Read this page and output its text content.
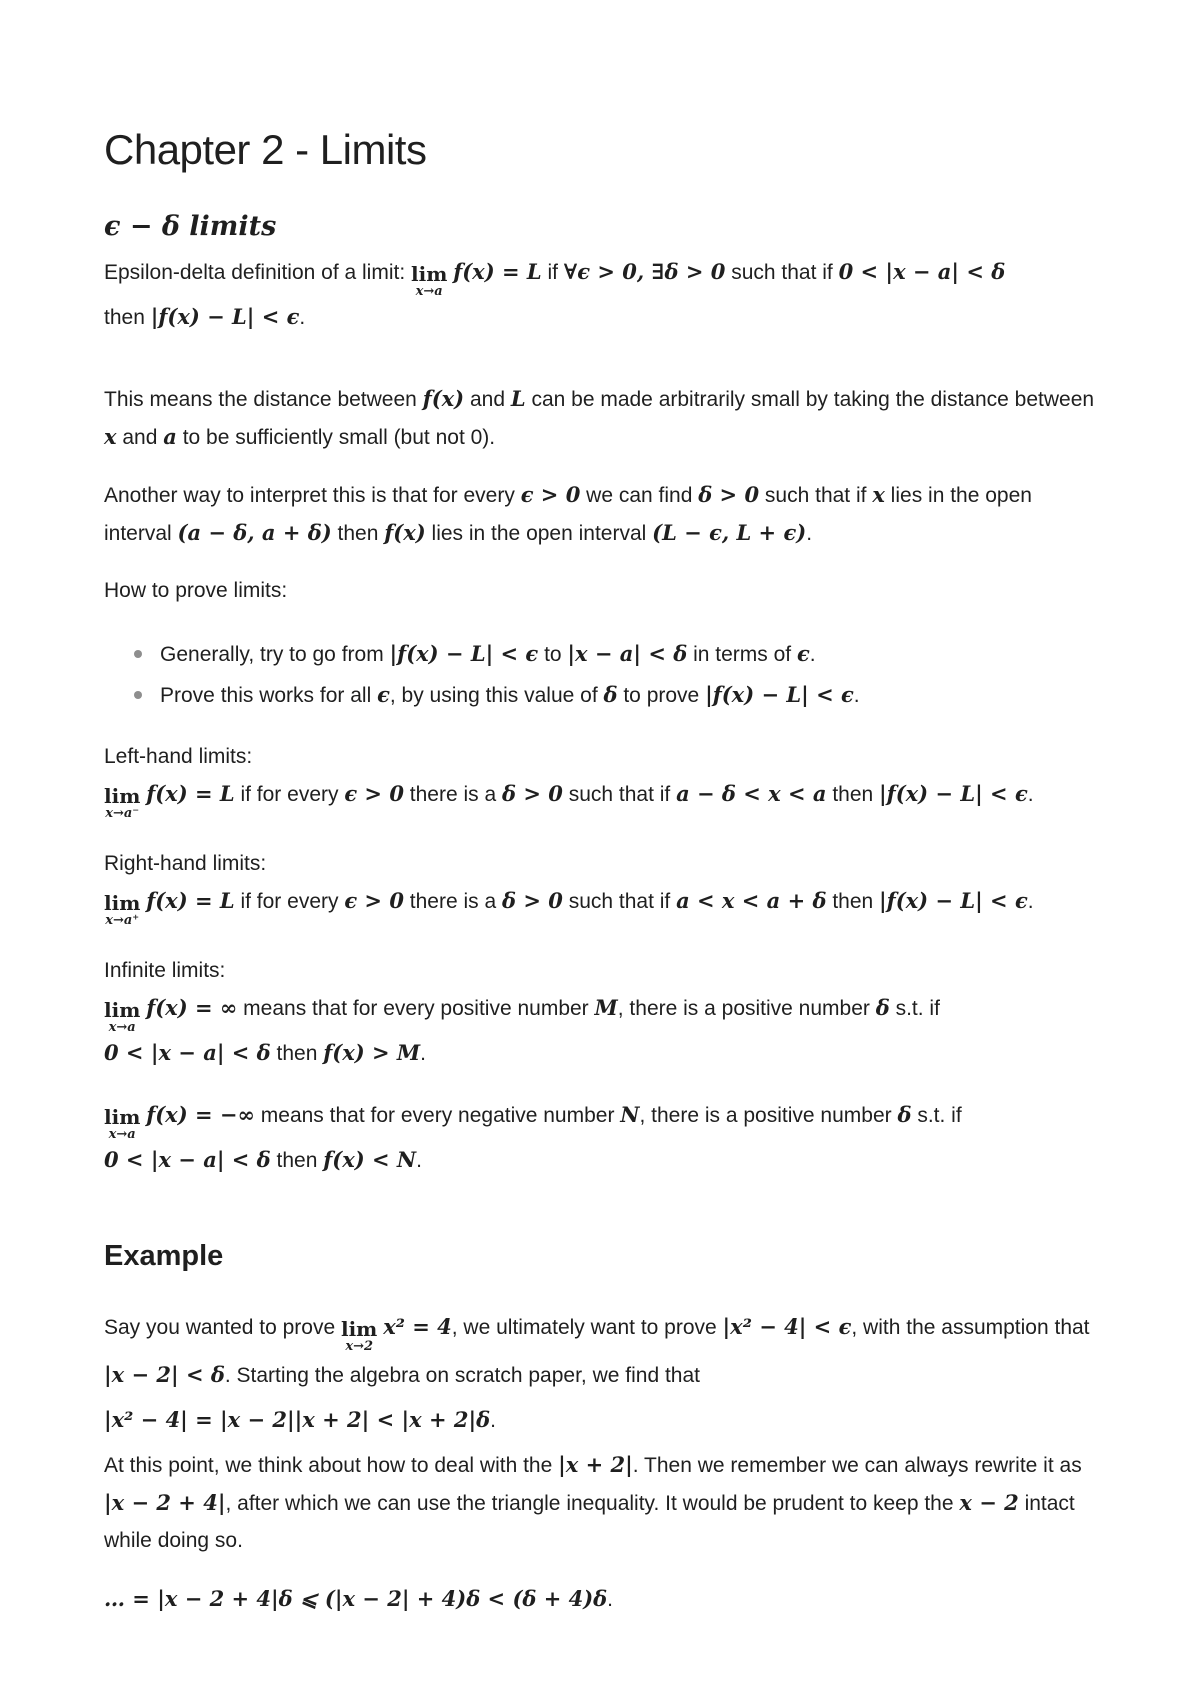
Chapter 2 - Limits
ϵ − δ limits

Epsilon-delta definition of a limit: lim
x→a
f(x) = L if ∀ϵ > 0, ∃δ > 0 such that if 0 < |x − a| < δ
then |f(x) − L| < ϵ.

This means the distance between f(x) and L can be made arbitrarily small by taking the distance between x and a to be sufficiently small (but not 0).

Another way to interpret this is that for every ϵ > 0 we can find δ > 0 such that if x lies in the open interval (a − δ, a + δ) then f(x) lies in the open interval (L − ϵ, L + ϵ).

How to prove limits:

Generally, try to go from |f(x) − L| < ϵ to |x − a| < δ in terms of ϵ.
Prove this works for all ϵ, by using this value of δ to prove |f(x) − L| < ϵ.

Left-hand limits:

lim
x→a⁻
f(x) = L if for every ϵ > 0 there is a δ > 0 such that if a − δ < x < a then |f(x) − L| < ϵ.

Right-hand limits:

lim
x→a⁺
f(x) = L if for every ϵ > 0 there is a δ > 0 such that if a < x < a + δ then |f(x) − L| < ϵ.

Infinite limits:

lim
x→a
f(x) = ∞ means that for every positive number M, there is a positive number δ s.t. if
0 < |x − a| < δ then f(x) > M.

lim
x→a
f(x) = −∞ means that for every negative number N, there is a positive number δ s.t. if
0 < |x − a| < δ then f(x) < N.

Example

Say you wanted to prove lim
x→2
x² = 4, we ultimately want to prove |x² − 4| < ϵ, with the assumption that |x − 2| < δ. Starting the algebra on scratch paper, we find that
|x² − 4| = |x − 2||x + 2| < |x + 2|δ.

At this point, we think about how to deal with the |x + 2|. Then we remember we can always rewrite it as |x − 2 + 4|, after which we can use the triangle inequality. It would be prudent to keep the x − 2 intact while doing so.

… = |x − 2 + 4|δ ⩽ (|x − 2| + 4)δ < (δ + 4)δ.
